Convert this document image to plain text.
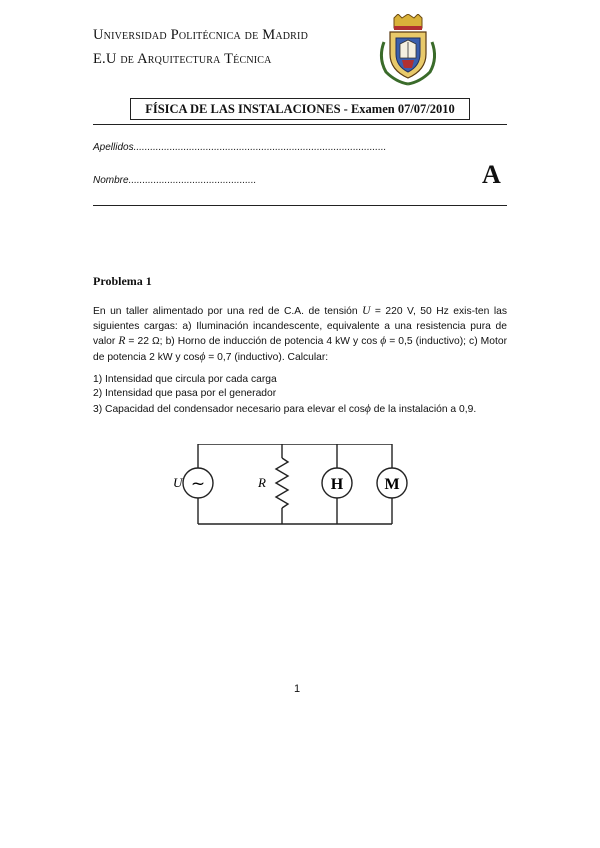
Universidad Politécnica de Madrid
E.U de Arquitectura Técnica
FÍSICA DE LAS INSTALACIONES - Examen 07/07/2010
Apellidos...........................................................................................
Nombre..............................................	A
Problema 1
En un taller alimentado por una red de C.A. de tensión U = 220 V, 50 Hz exis-ten las siguientes cargas: a) Iluminación incandescente, equivalente a una resistencia pura de valor R = 22 Ω; b) Horno de inducción de potencia 4 kW y cos ϕ = 0,5 (inductivo); c) Motor de potencia 2 kW y cosϕ = 0,7 (inductivo). Calcular:
1) Intensidad que circula por cada carga
2) Intensidad que pasa por el generador
3) Capacidad del condensador necesario para elevar el cosϕ de la instalación a 0,9.
~
U	R	H	M
1
